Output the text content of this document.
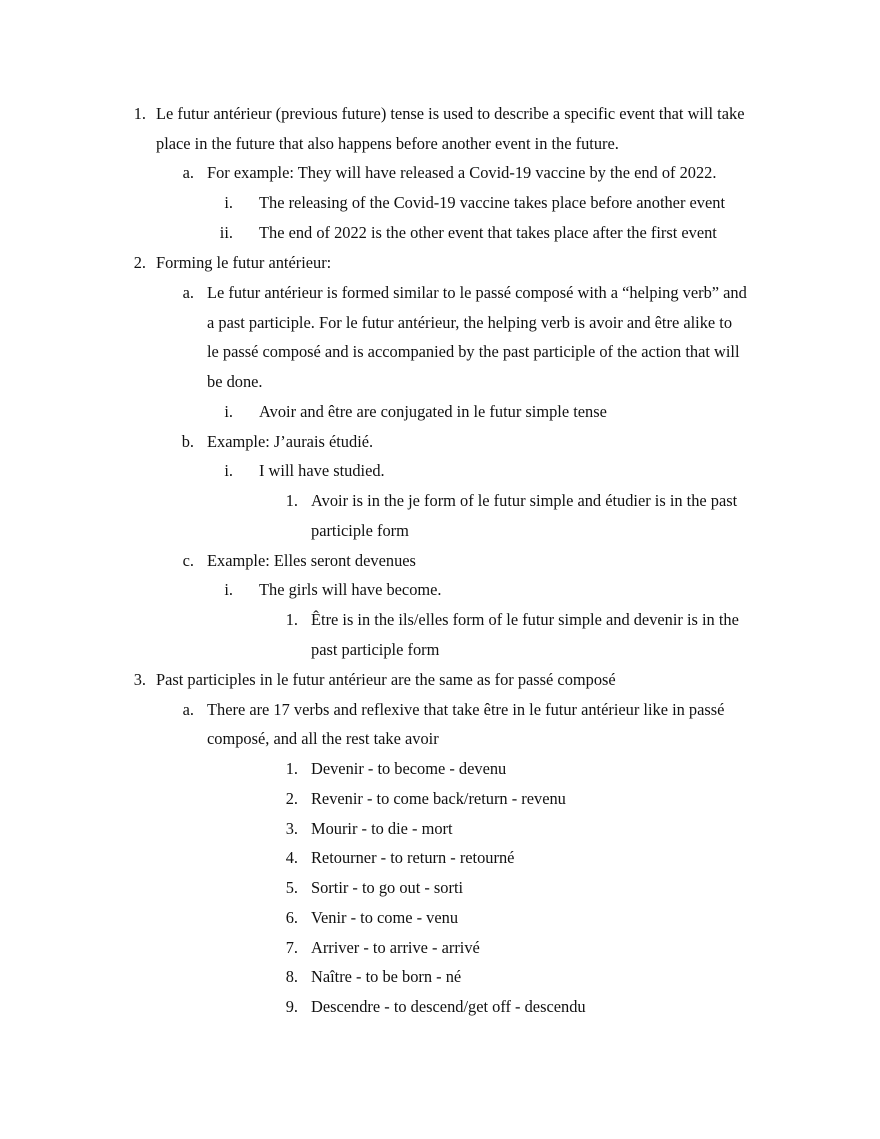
1. Le futur antérieur (previous future) tense is used to describe a specific event that will take
place in the future that also happens before another event in the future.
a. For example: They will have released a Covid-19 vaccine by the end of 2022.
i. The releasing of the Covid-19 vaccine takes place before another event
ii. The end of 2022 is the other event that takes place after the first event
2. Forming le futur antérieur:
a. Le futur antérieur is formed similar to le passé composé with a “helping verb” and
a past participle. For le futur antérieur, the helping verb is avoir and être alike to
le passé composé and is accompanied by the past participle of the action that will
be done.
i. Avoir and être are conjugated in le futur simple tense
b. Example: J’aurais étudié.
i. I will have studied.
1. Avoir is in the je form of le futur simple and étudier is in the past
participle form
c. Example: Elles seront devenues
i. The girls will have become.
1. Être is in the ils/elles form of le futur simple and devenir is in the
past participle form
3. Past participles in le futur antérieur are the same as for passé composé
a. There are 17 verbs and reflexive that take être in le futur antérieur like in passé
composé, and all the rest take avoir
1. Devenir - to become - devenu
2. Revenir - to come back/return - revenu
3. Mourir - to die - mort
4. Retourner - to return - retourné
5. Sortir - to go out - sorti
6. Venir - to come - venu
7. Arriver - to arrive - arrivé
8. Naître - to be born - né
9. Descendre - to descend/get off - descendu
